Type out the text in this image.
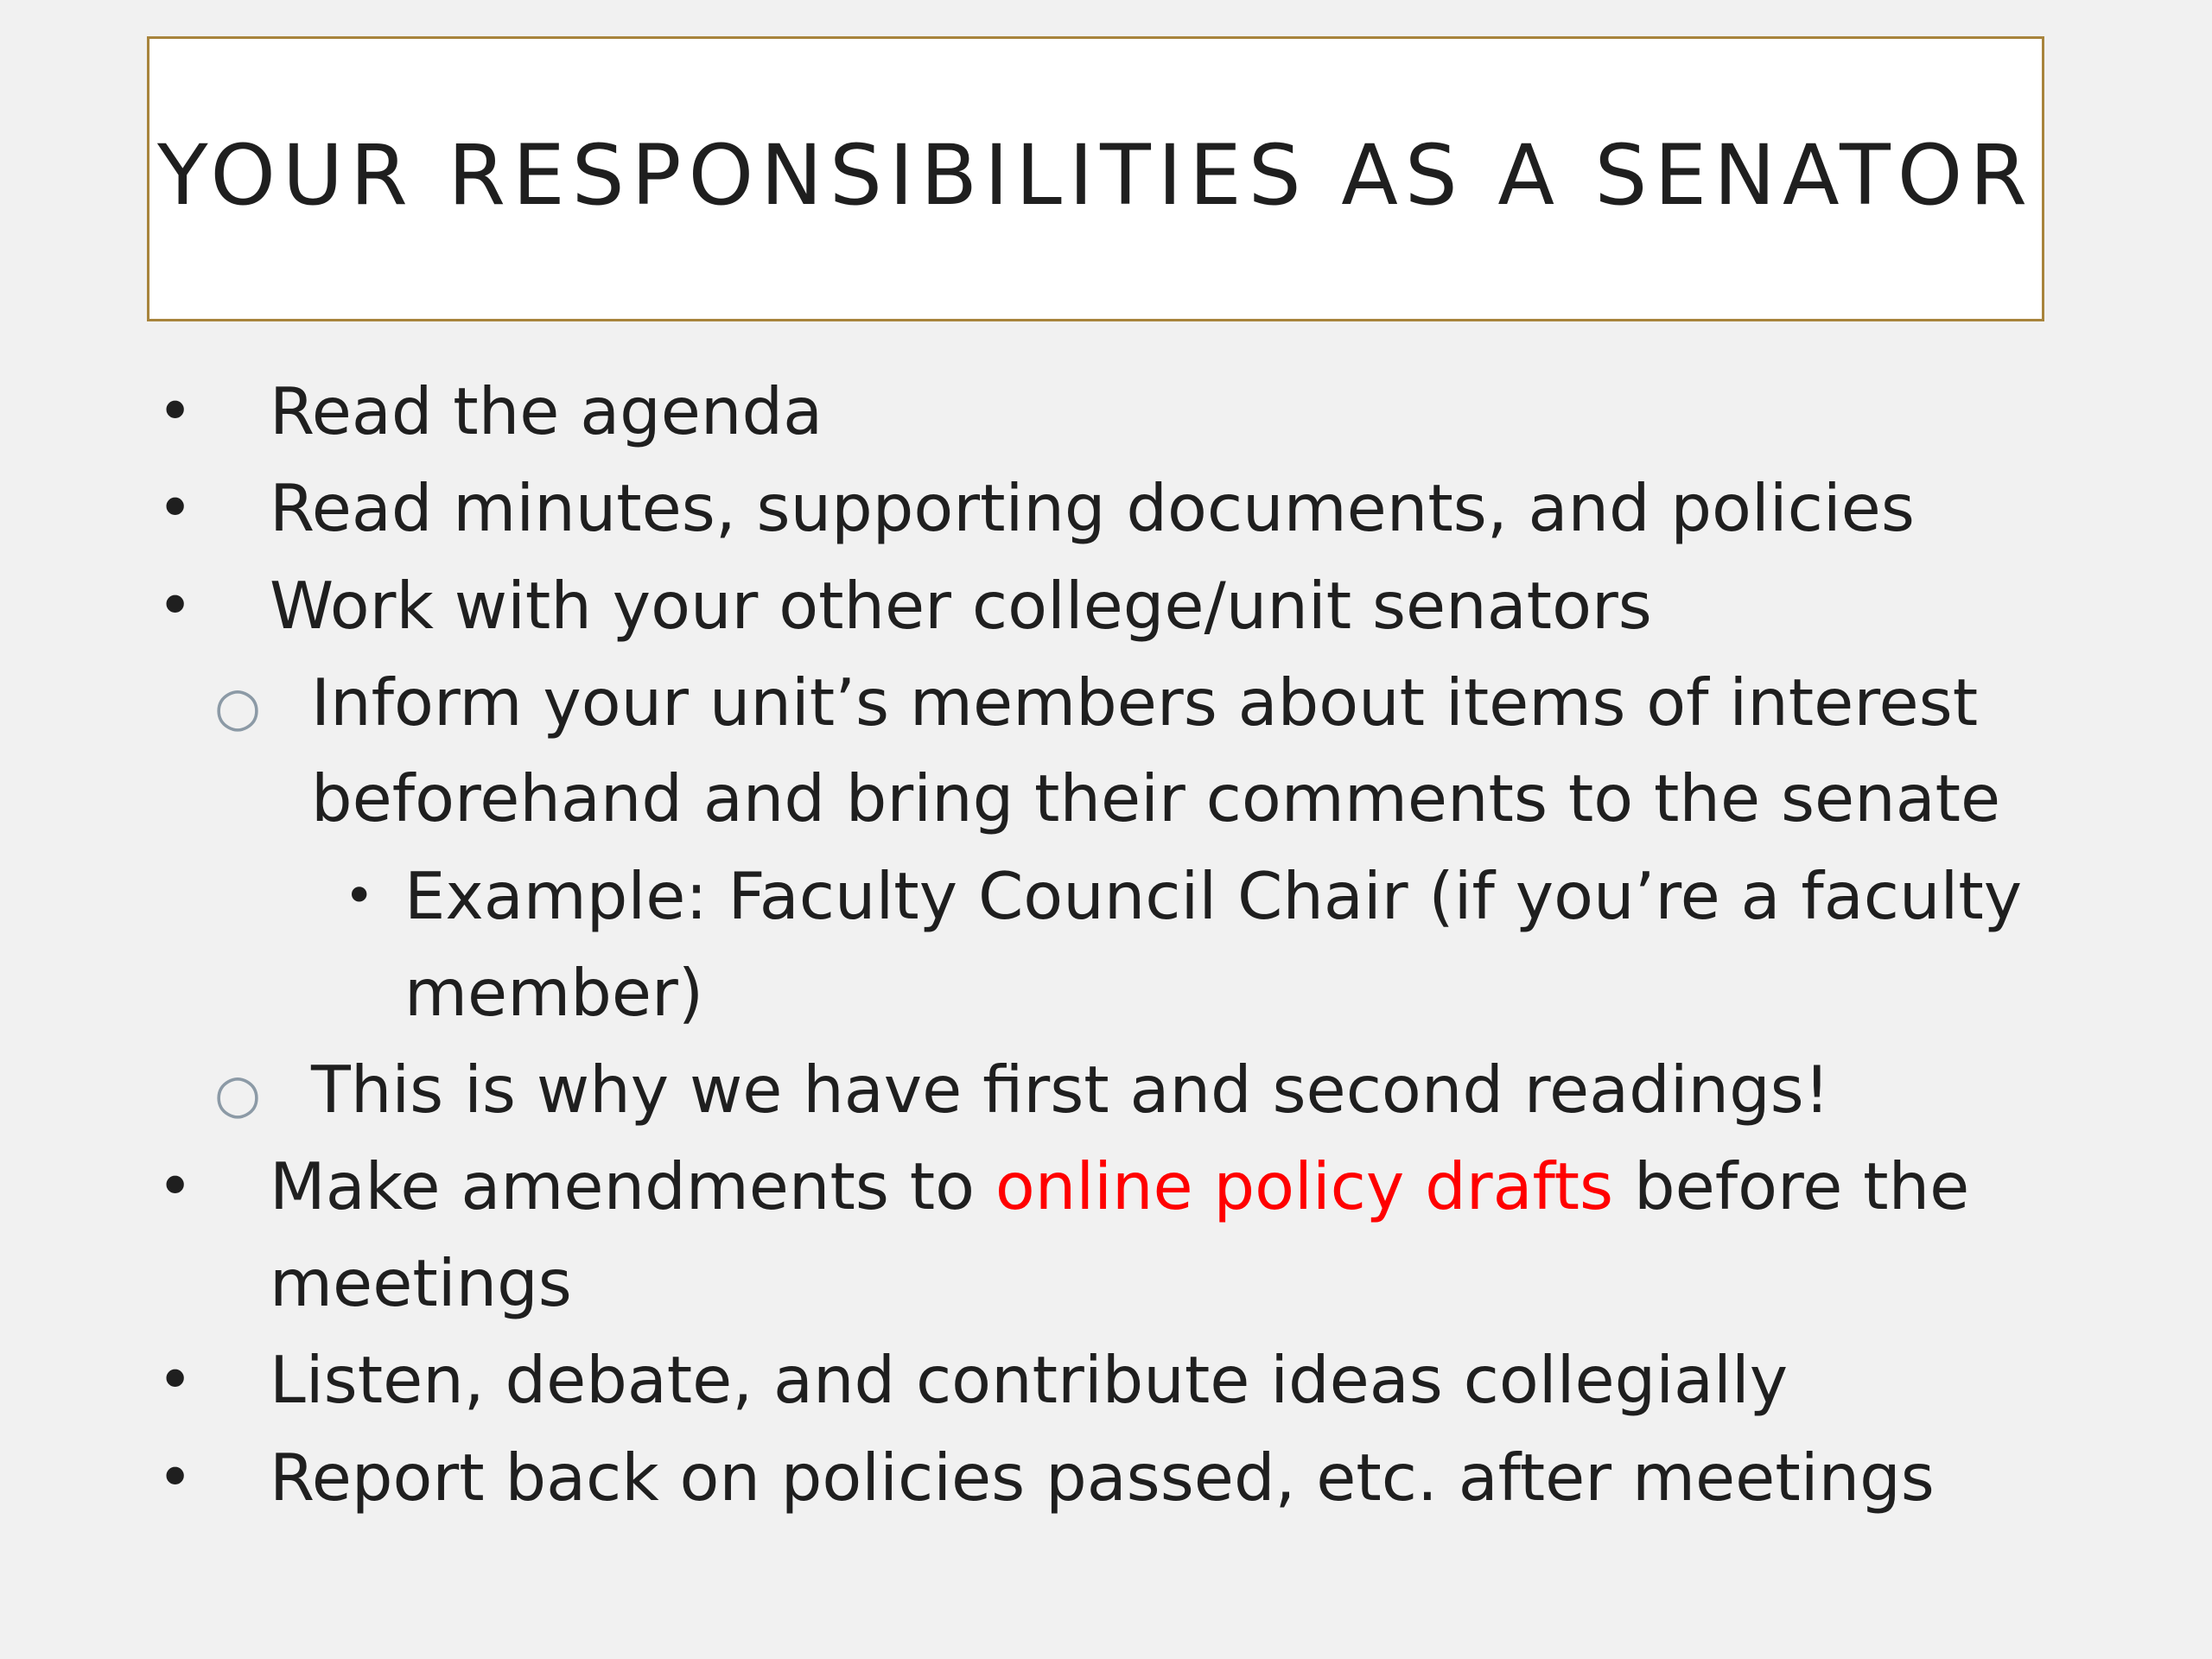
YOUR RESPONSIBILITIES AS A SENATOR
• Read the agenda
• Read minutes, supporting documents, and policies
• Work with your other college/unit senators
○ Inform your unit’s members about items of interest
beforehand and bring their comments to the senate
• Example: Faculty Council Chair (if you’re a faculty
member)
○ This is why we have first and second readings!
• Make amendments to online policy drafts before the
meetings
• Listen, debate, and contribute ideas collegially
• Report back on policies passed, etc. after meetings
